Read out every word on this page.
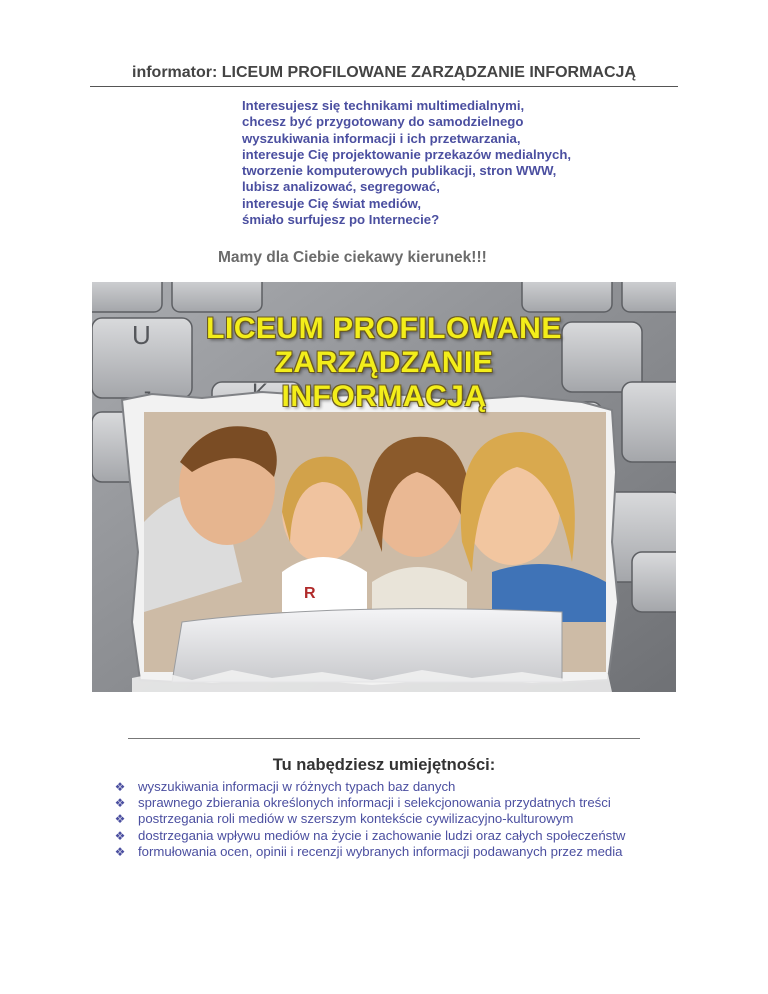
informator: LICEUM PROFILOWANE ZARZĄDZANIE INFORMACJĄ
Interesujesz się technikami multimedialnymi,
chcesz być przygotowany do samodzielnego
wyszukiwania informacji i ich przetwarzania,
interesuje Cię projektowanie przekazów medialnych,
tworzenie komputerowych publikacji, stron WWW,
lubisz analizować, segregować,
interesuje Cię świat mediów,
śmiało surfujesz po Internecie?
Mamy dla Ciebie ciekawy kierunek!!!
U
R
LICEUM PROFILOWANE
ZARZĄDZANIE
INFORMACJĄ
Tu nabędziesz umiejętności:
❖ wyszukiwania informacji w różnych typach baz danych
❖ sprawnego zbierania określonych informacji i selekcjonowania przydatnych treści
❖ postrzegania roli mediów w szerszym kontekście cywilizacyjno-kulturowym
❖ dostrzegania wpływu mediów na życie i zachowanie ludzi oraz całych społeczeństw
❖ formułowania ocen, opinii i recenzji wybranych informacji podawanych przez media
